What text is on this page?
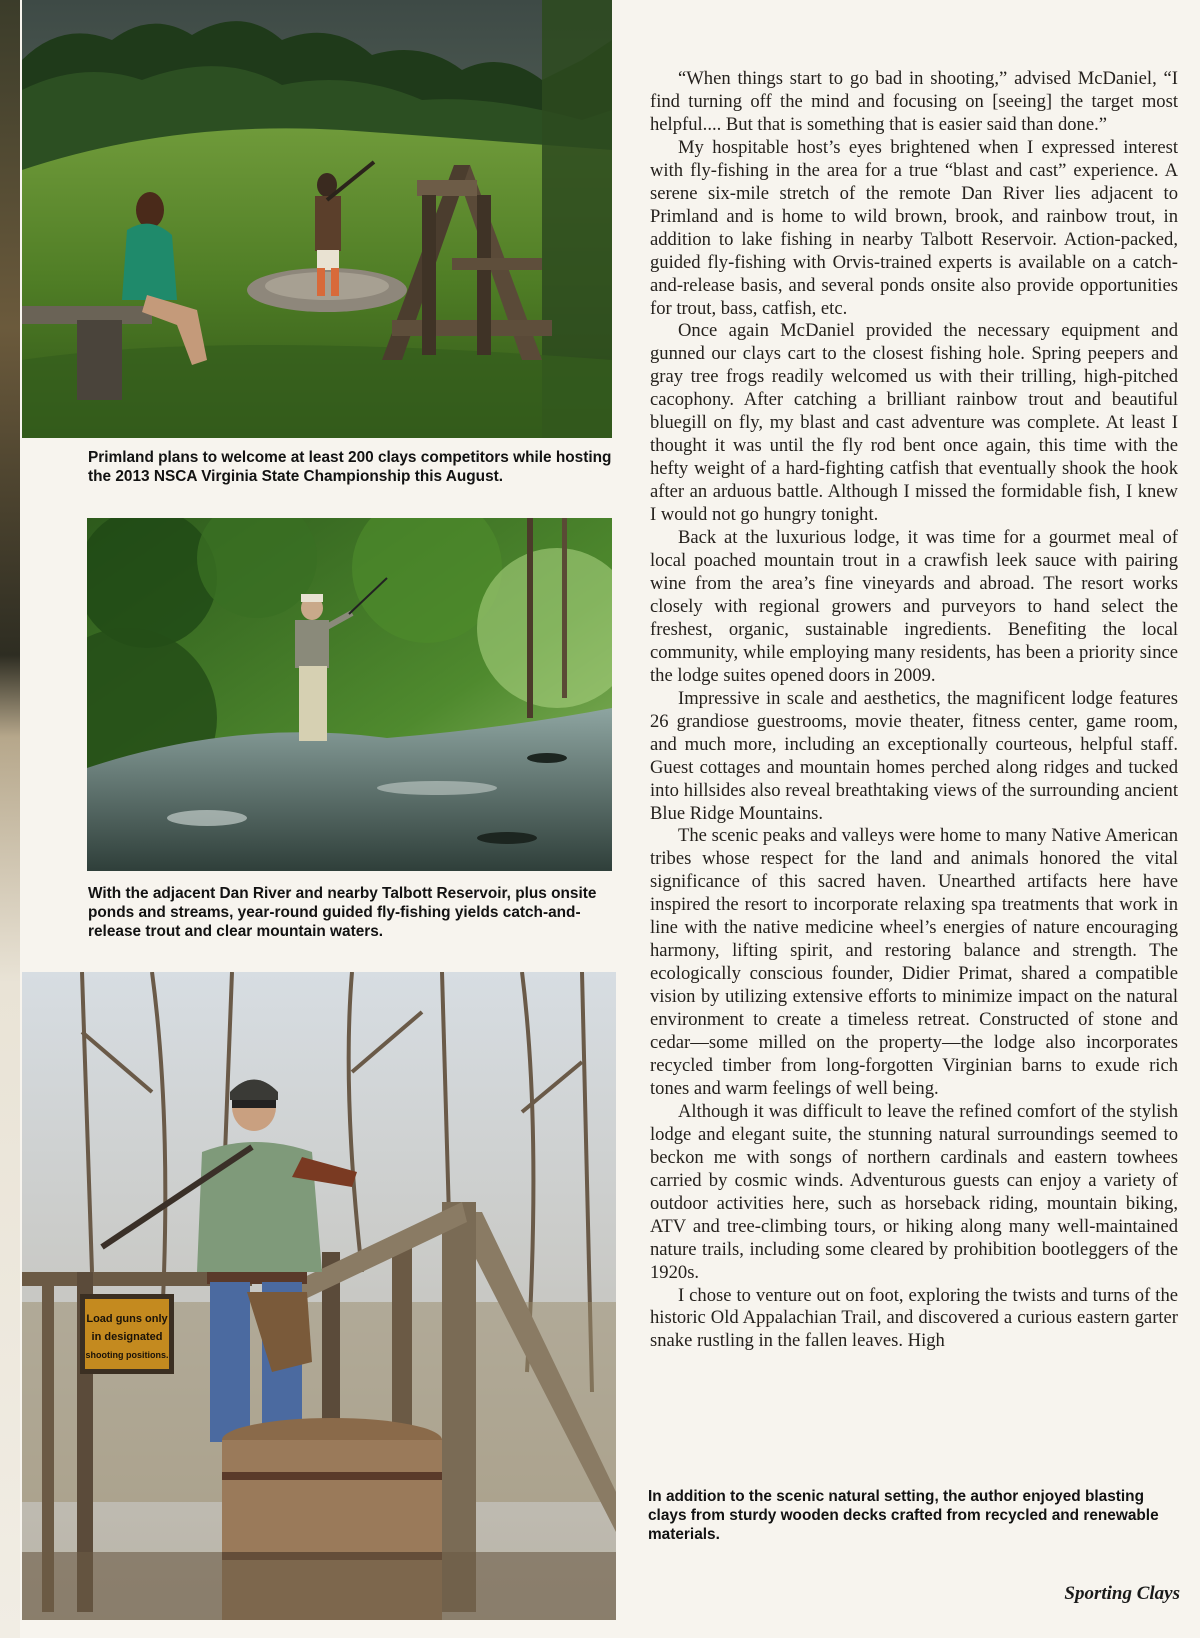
Primland plans to welcome at least 200 clays competitors while hosting the 2013 NSCA Virginia State Championship this August.
With the adjacent Dan River and nearby Talbott Reservoir, plus onsite ponds and streams, year-round guided fly-fishing yields catch-and-release trout and clear mountain waters.
Load guns only
in designated
shooting positions.

“When things start to go bad in shooting,” advised McDaniel, “I find turning off the mind and focusing on [seeing] the target most helpful.... But that is something that is easier said than done.”

My hospitable host’s eyes brightened when I expressed interest with fly-fishing in the area for a true “blast and cast” experience. A serene six-mile stretch of the remote Dan River lies adjacent to Primland and is home to wild brown, brook, and rainbow trout, in addition to lake fishing in nearby Talbott Reservoir. Action-packed, guided fly-fishing with Orvis-trained experts is available on a catch-and-release basis, and several ponds onsite also provide opportunities for trout, bass, catfish, etc.

Once again McDaniel provided the necessary equipment and gunned our clays cart to the closest fishing hole. Spring peepers and gray tree frogs readily welcomed us with their trilling, high-pitched cacophony. After catching a brilliant rainbow trout and beautiful bluegill on fly, my blast and cast adventure was complete. At least I thought it was until the fly rod bent once again, this time with the hefty weight of a hard-fighting catfish that eventually shook the hook after an arduous battle. Although I missed the formidable fish, I knew I would not go hungry tonight.

Back at the luxurious lodge, it was time for a gourmet meal of local poached mountain trout in a crawfish leek sauce with pairing wine from the area’s fine vineyards and abroad. The resort works closely with regional growers and purveyors to hand select the freshest, organic, sustainable ingredients. Benefiting the local community, while employing many residents, has been a priority since the lodge suites opened doors in 2009.

Impressive in scale and aesthetics, the magnificent lodge features 26 grandiose guestrooms, movie theater, fitness center, game room, and much more, including an exceptionally courteous, helpful staff. Guest cottages and mountain homes perched along ridges and tucked into hillsides also reveal breathtaking views of the surrounding ancient Blue Ridge Mountains.

The scenic peaks and valleys were home to many Native American tribes whose respect for the land and animals honored the vital significance of this sacred haven. Unearthed artifacts here have inspired the resort to incorporate relaxing spa treatments that work in line with the native medicine wheel’s energies of nature encouraging harmony, lifting spirit, and restoring balance and strength. The ecologically conscious founder, Didier Primat, shared a compatible vision by utilizing extensive efforts to minimize impact on the natural environment to create a timeless retreat. Constructed of stone and cedar—some milled on the property—the lodge also incorporates recycled timber from long-forgotten Virginian barns to exude rich tones and warm feelings of well being.

Although it was difficult to leave the refined comfort of the stylish lodge and elegant suite, the stunning natural surroundings seemed to beckon me with songs of northern cardinals and eastern towhees carried by cosmic winds. Adventurous guests can enjoy a variety of outdoor activities here, such as horseback riding, mountain biking, ATV and tree-climbing tours, or hiking along many well-maintained nature trails, including some cleared by prohibition bootleggers of the 1920s.

I chose to venture out on foot, exploring the twists and turns of the historic Old Appalachian Trail, and discovered a curious eastern garter snake rustling in the fallen leaves. High

In addition to the scenic natural setting, the author enjoyed blasting clays from sturdy wooden decks crafted from recycled and renewable materials.
Sporting Clays
